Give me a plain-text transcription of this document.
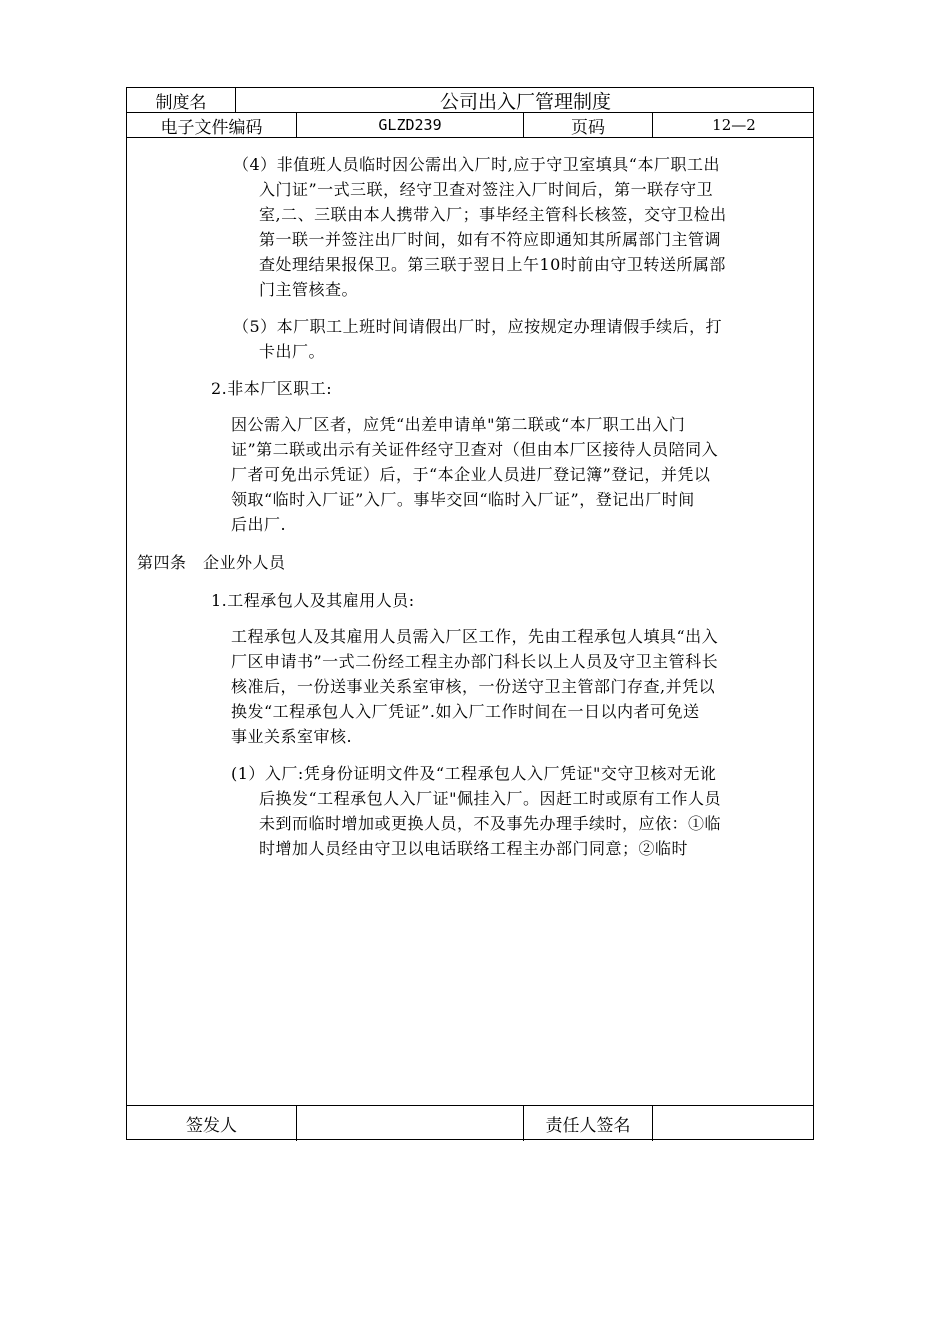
制度名	公司出入厂管理制度
电子文件编码	GLZD239	页码	12—2
（4）非值班人员临时因公需出入厂时,应于守卫室填具“本厂职工出
入门证”一式三联，经守卫查对签注入厂时间后，第一联存守卫
室,二、三联由本人携带入厂；事毕经主管科长核签，交守卫检出
第一联一并签注出厂时间，如有不符应即通知其所属部门主管调
查处理结果报保卫。第三联于翌日上午10时前由守卫转送所属部
门主管核查。
（5）本厂职工上班时间请假出厂时，应按规定办理请假手续后，打
卡出厂。
2.非本厂区职工:
因公需入厂区者，应凭“出差申请单"第二联或“本厂职工出入门
证”第二联或出示有关证件经守卫查对（但由本厂区接待人员陪同入
厂者可免出示凭证）后，于“本企业人员进厂登记簿”登记，并凭以
领取“临时入厂证”入厂。事毕交回“临时入厂证”，登记出厂时间
后出厂.
第四条　企业外人员
1.工程承包人及其雇用人员:
工程承包人及其雇用人员需入厂区工作，先由工程承包人填具“出入
厂区申请书”一式二份经工程主办部门科长以上人员及守卫主管科长
核准后，一份送事业关系室审核，一份送守卫主管部门存查,并凭以
换发“工程承包人入厂凭证”.如入厂工作时间在一日以内者可免送
事业关系室审核.
(1）入厂:凭身份证明文件及“工程承包人入厂凭证"交守卫核对无讹
后换发“工程承包人入厂证"佩挂入厂。因赶工时或原有工作人员
未到而临时增加或更换人员，不及事先办理手续时，应依：①临
时增加人员经由守卫以电话联络工程主办部门同意；②临时
签发人	责任人签名
